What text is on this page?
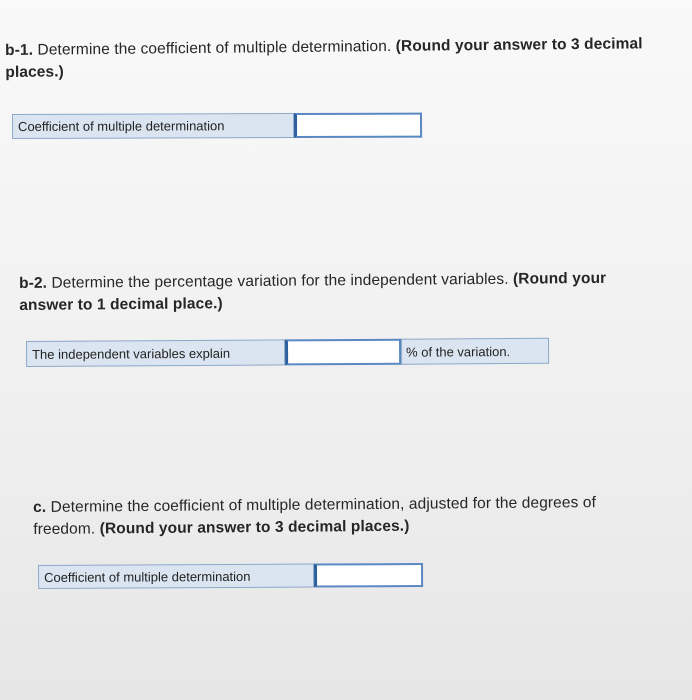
b-1. Determine the coefficient of multiple determination. (Round your answer to 3 decimal places.)
Coefficient of multiple determination
b-2. Determine the percentage variation for the independent variables. (Round your answer to 1 decimal place.)
The independent variables explain	% of the variation.
c. Determine the coefficient of multiple determination, adjusted for the degrees of freedom. (Round your answer to 3 decimal places.)
Coefficient of multiple determination
